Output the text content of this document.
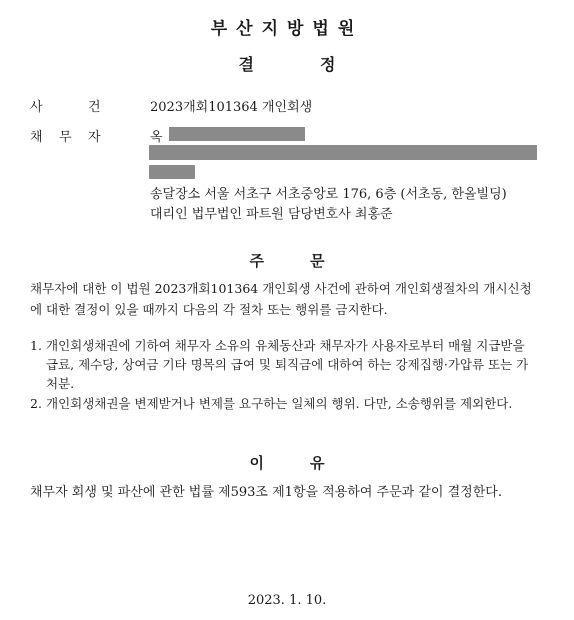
부산지방법원
결	정
사	건	2023개회101364 개인회생
채 무 자	옥
송달장소 서울 서초구 서초중앙로 176, 6층 (서초동, 한올빌딩)
대리인 법무법인 파트원 담당변호사 최홍준
주	문
채무자에 대한 이 법원 2023개회101364 개인회생 사건에 관하여 개인회생절차의 개시신청에 대한 결정이 있을 때까지 다음의 각 절차 또는 행위를 금지한다.
1. 개인회생채권에 기하여 채무자 소유의 유체동산과 채무자가 사용자로부터 매월 지급받을 급료, 제수당, 상여금 기타 명목의 급여 및 퇴직금에 대하여 하는 강제집행·가압류 또는 가처분.
2. 개인회생채권을 변제받거나 변제를 요구하는 일체의 행위. 다만, 소송행위를 제외한다.
이	유
채무자 회생 및 파산에 관한 법률 제593조 제1항을 적용하여 주문과 같이 결정한다.
2023. 1. 10.
